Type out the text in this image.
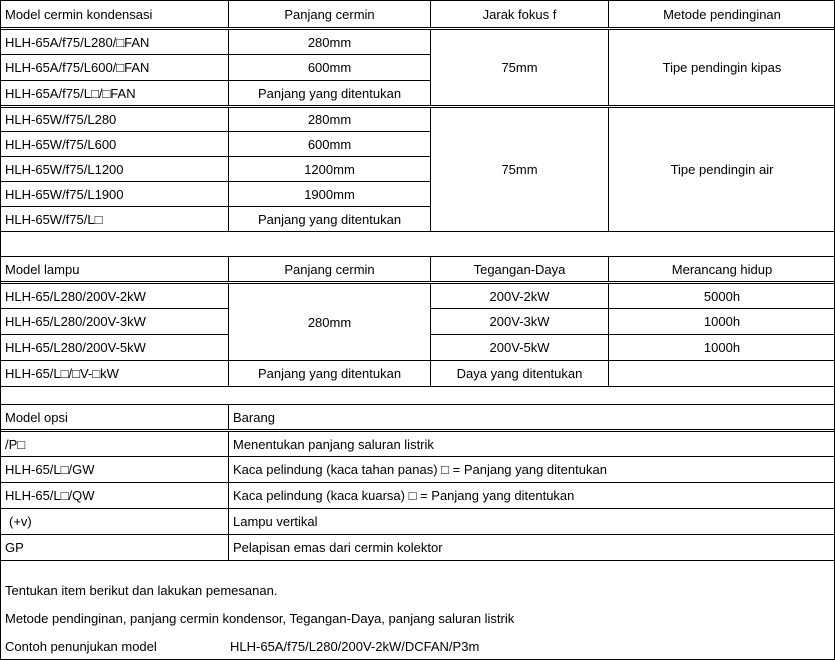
Model cermin kondensasi	Panjang cermin	Jarak fokus f	Metode pendinginan
HLH-65A/f75/L280/□FAN	280mm	75mm	Tipe pendingin kipas
HLH-65A/f75/L600/□FAN	600mm		
HLH-65A/f75/L□/□FAN	Panjang yang ditentukan		
HLH-65W/f75/L280	280mm	75mm	Tipe pendingin air
HLH-65W/f75/L600	600mm		
HLH-65W/f75/L1200	1200mm		
HLH-65W/f75/L1900	1900mm		
HLH-65W/f75/L□	Panjang yang ditentukan		
Model lampu	Panjang cermin	Tegangan-Daya	Merancang hidup
HLH-65/L280/200V-2kW	280mm	200V-2kW	5000h
HLH-65/L280/200V-3kW		200V-3kW	1000h
HLH-65/L280/200V-5kW		200V-5kW	1000h
HLH-65/L□/□V-□kW	Panjang yang ditentukan	Daya yang ditentukan	
Model opsi	Barang
/P□	Menentukan panjang saluran listrik
HLH-65/L□/GW	Kaca pelindung (kaca tahan panas) □ = Panjang yang ditentukan
HLH-65/L□/QW	Kaca pelindung (kaca kuarsa) □ = Panjang yang ditentukan
(+v)	Lampu vertikal
GP	Pelapisan emas dari cermin kolektor
Tentukan item berikut dan lakukan pemesanan.
Metode pendinginan, panjang cermin kondensor, Tegangan-Daya, panjang saluran listrik
Contoh penunjukan model	HLH-65A/f75/L280/200V-2kW/DCFAN/P3m
